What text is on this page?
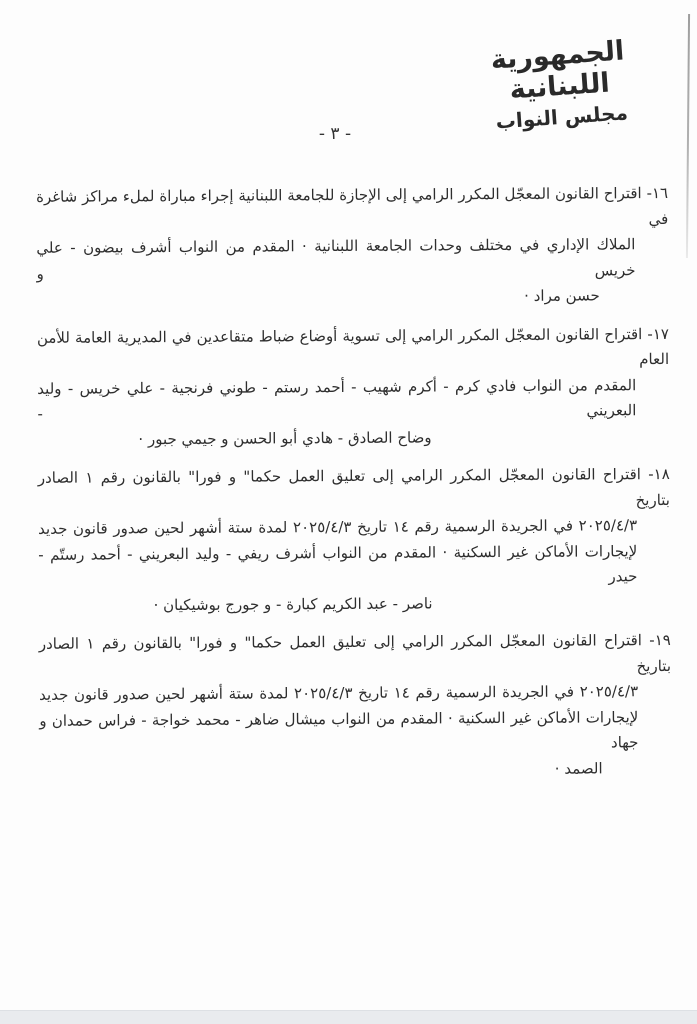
الجمهورية اللبنانية
مجلس النواب
- ٣ -
١٦- اقتراح القانون المعجّل المكرر الرامي إلى الإجازة للجامعة اللبنانية إجراء مباراة لملء مراكز شاغرة في
الملاك الإداري في مختلف وحدات الجامعة اللبنانية · المقدم من النواب أشرف بيضون - علي خريس و
حسن مراد ·
١٧- اقتراح القانون المعجّل المكرر الرامي إلى تسوية أوضاع ضباط متقاعدين في المديرية العامة للأمن العام
المقدم من النواب فادي كرم - أكرم شهيب - أحمد رستم - طوني فرنجية - علي خريس - وليد البعريني -
وضاح الصادق - هادي أبو الحسن و جيمي جبور ·
١٨- اقتراح القانون المعجّل المكرر الرامي إلى تعليق العمل حكما" و فورا" بالقانون رقم ١ الصادر بتاريخ
٢٠٢٥/٤/٣ في الجريدة الرسمية رقم ١٤ تاريخ ٢٠٢٥/٤/٣ لمدة ستة أشهر لحين صدور قانون جديد
لإيجارات الأماكن غير السكنية · المقدم من النواب أشرف ريفي - وليد البعريني - أحمد رستّم - حيدر
ناصر - عبد الكريم كبارة - و جورج بوشيكيان ·
١٩- اقتراح القانون المعجّل المكرر الرامي إلى تعليق العمل حكما" و فورا" بالقانون رقم ١ الصادر بتاريخ
٢٠٢٥/٤/٣ في الجريدة الرسمية رقم ١٤ تاريخ ٢٠٢٥/٤/٣ لمدة ستة أشهر لحين صدور قانون جديد
لإيجارات الأماكن غير السكنية · المقدم من النواب ميشال ضاهر - محمد خواجة - فراس حمدان و جهاد
الصمد ·
